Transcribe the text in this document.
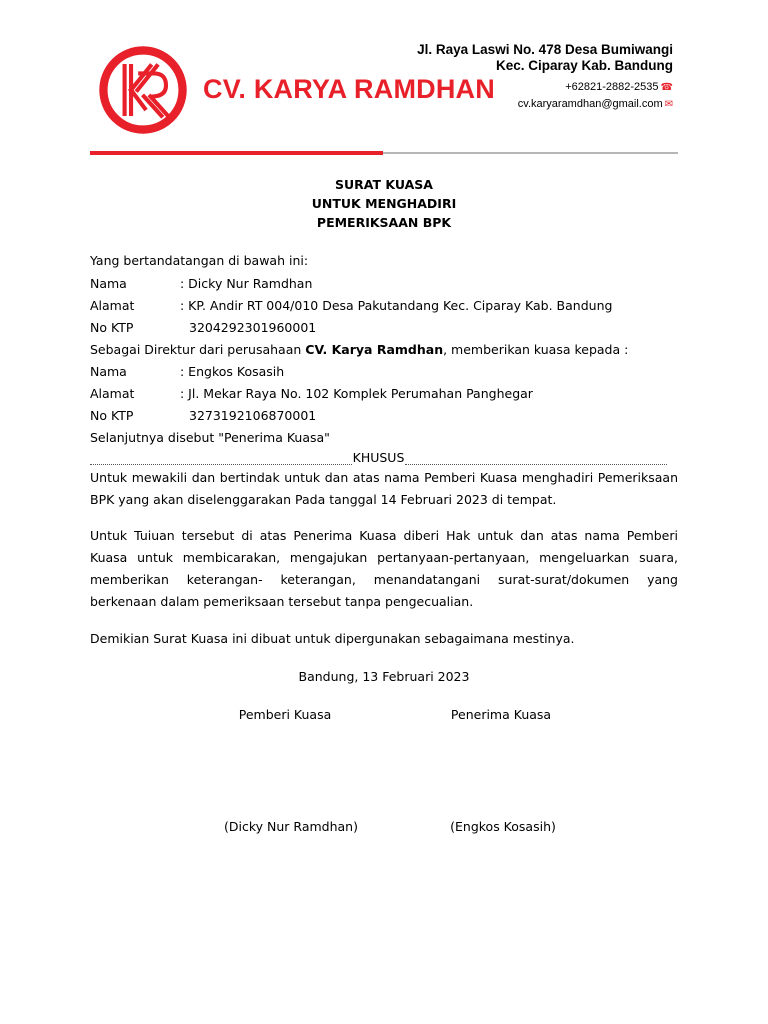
CV. KARYA RAMDHAN
Jl. Raya Laswi No. 478 Desa Bumiwangi
Kec. Ciparay Kab. Bandung
+62821-2882-2535 ☎
cv.karyaramdhan@gmail.com ✉
SURAT KUASA
UNTUK MENGHADIRI
PEMERIKSAAN BPK
Yang bertandatangan di bawah ini:
Nama	: Dicky Nur Ramdhan
Alamat	: KP. Andir RT 004/010 Desa Pakutandang Kec. Ciparay Kab. Bandung
No KTP	3204292301960001
Sebagai Direktur dari perusahaan CV. Karya Ramdhan, memberikan kuasa kepada :
Nama	: Engkos Kosasih
Alamat	: Jl. Mekar Raya No. 102 Komplek Perumahan Panghegar
No KTP	3273192106870001
Selanjutnya disebut "Penerima Kuasa"
KHUSUS
Untuk mewakili dan bertindak untuk dan atas nama Pemberi Kuasa menghadiri Pemeriksaan BPK yang akan diselenggarakan Pada tanggal 14 Februari 2023 di tempat.
Untuk Tuiuan tersebut di atas Penerima Kuasa diberi Hak untuk dan atas nama Pemberi Kuasa untuk membicarakan, mengajukan pertanyaan-pertanyaan, mengeluarkan suara, memberikan keterangan- keterangan, menandatangani surat-surat/dokumen yang berkenaan dalam pemeriksaan tersebut tanpa pengecualian.
Demikian Surat Kuasa ini dibuat untuk dipergunakan sebagaimana mestinya.
Bandung, 13 Februari 2023
Pemberi Kuasa	Penerima Kuasa
(Dicky Nur Ramdhan)	(Engkos Kosasih)
